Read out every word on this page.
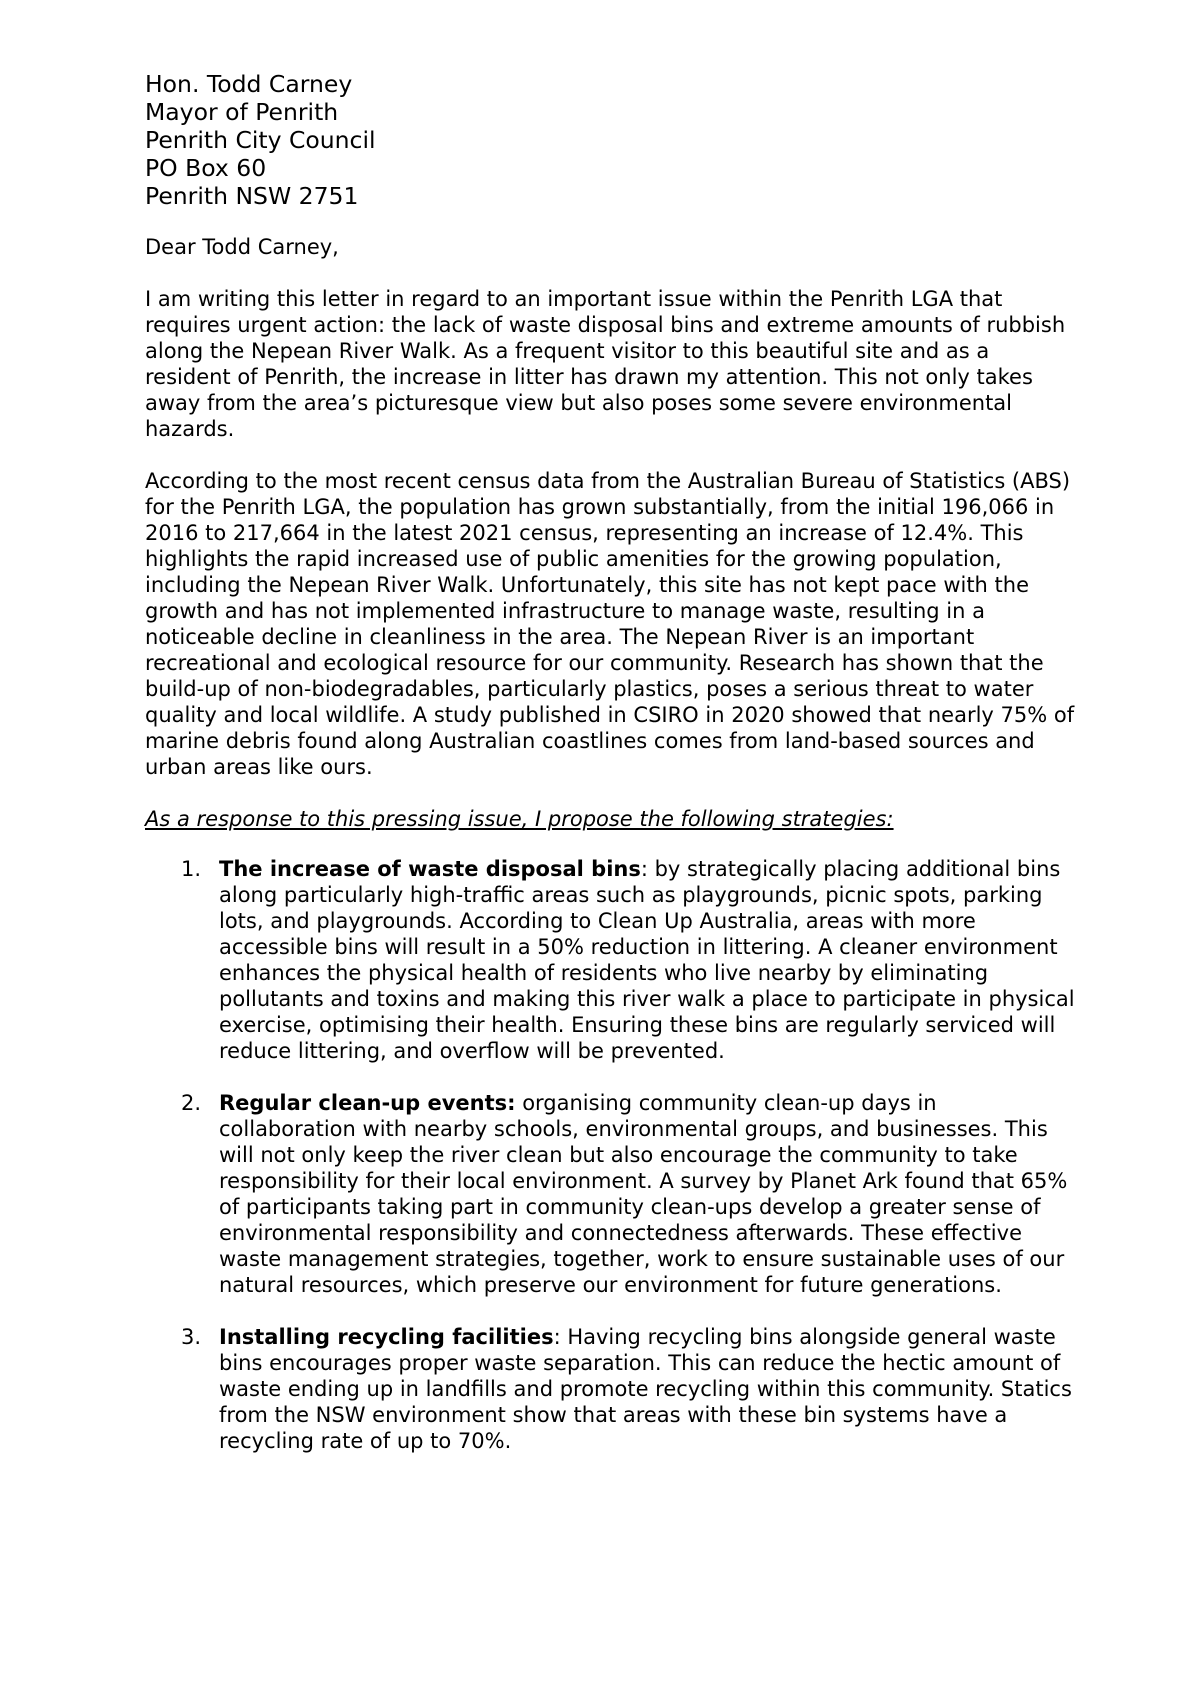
Hon. Todd Carney
Mayor of Penrith
Penrith City Council
PO Box 60
Penrith NSW 2751
Dear Todd Carney,
I am writing this letter in regard to an important issue within the Penrith LGA that requires urgent action: the lack of waste disposal bins and extreme amounts of rubbish along the Nepean River Walk. As a frequent visitor to this beautiful site and as a resident of Penrith, the increase in litter has drawn my attention. This not only takes away from the area’s picturesque view but also poses some severe environmental hazards.
According to the most recent census data from the Australian Bureau of Statistics (ABS) for the Penrith LGA, the population has grown substantially, from the initial 196,066 in 2016 to 217,664 in the latest 2021 census, representing an increase of 12.4%. This highlights the rapid increased use of public amenities for the growing population, including the Nepean River Walk. Unfortunately, this site has not kept pace with the growth and has not implemented infrastructure to manage waste, resulting in a noticeable decline in cleanliness in the area. The Nepean River is an important recreational and ecological resource for our community. Research has shown that the build-up of non-biodegradables, particularly plastics, poses a serious threat to water quality and local wildlife. A study published in CSIRO in 2020 showed that nearly 75% of marine debris found along Australian coastlines comes from land-based sources and urban areas like ours.
As a response to this pressing issue, I propose the following strategies:
1. The increase of waste disposal bins: by strategically placing additional bins along particularly high-traffic areas such as playgrounds, picnic spots, parking lots, and playgrounds. According to Clean Up Australia, areas with more accessible bins will result in a 50% reduction in littering. A cleaner environment enhances the physical health of residents who live nearby by eliminating pollutants and toxins and making this river walk a place to participate in physical exercise, optimising their health. Ensuring these bins are regularly serviced will reduce littering, and overflow will be prevented.
2. Regular clean-up events: organising community clean-up days in collaboration with nearby schools, environmental groups, and businesses. This will not only keep the river clean but also encourage the community to take responsibility for their local environment. A survey by Planet Ark found that 65% of participants taking part in community clean-ups develop a greater sense of environmental responsibility and connectedness afterwards. These effective waste management strategies, together, work to ensure sustainable uses of our natural resources, which preserve our environment for future generations.
3. Installing recycling facilities: Having recycling bins alongside general waste bins encourages proper waste separation. This can reduce the hectic amount of waste ending up in landfills and promote recycling within this community. Statics from the NSW environment show that areas with these bin systems have a recycling rate of up to 70%.
